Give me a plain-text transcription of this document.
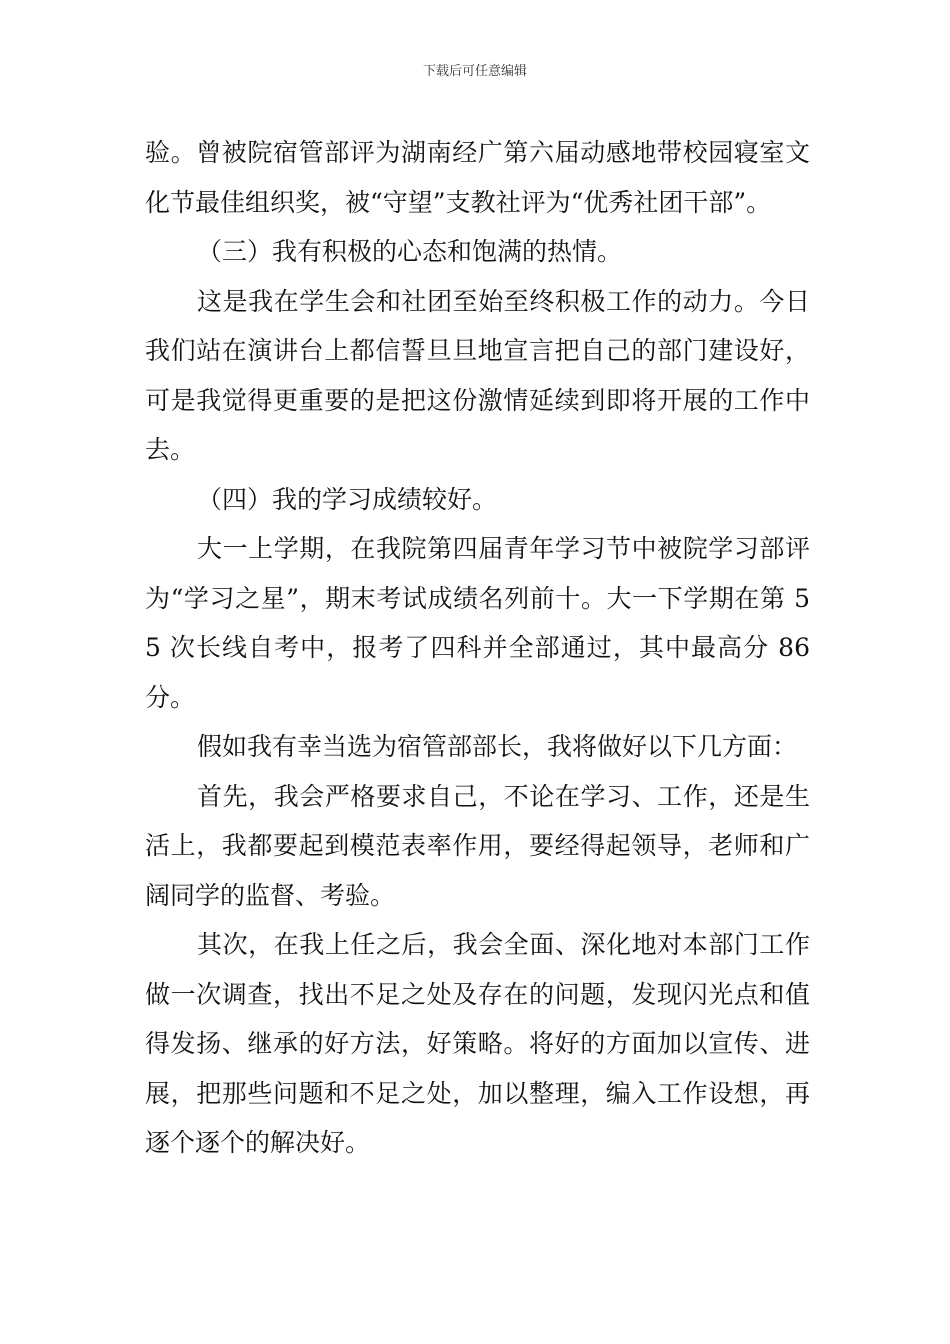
下载后可任意编辑

验。曾被院宿管部评为湖南经广第六届动感地带校园寝室文化节最佳组织奖，被“守望”支教社评为“优秀社团干部”。

（三）我有积极的心态和饱满的热情。

这是我在学生会和社团至始至终积极工作的动力。今日我们站在演讲台上都信誓旦旦地宣言把自己的部门建设好，可是我觉得更重要的是把这份激情延续到即将开展的工作中去。

（四）我的学习成绩较好。

大一上学期，在我院第四届青年学习节中被院学习部评为“学习之星”，期末考试成绩名列前十。大一下学期在第 55 次长线自考中，报考了四科并全部通过，其中最高分 86 分。

假如我有幸当选为宿管部部长，我将做好以下几方面：

首先，我会严格要求自己，不论在学习、工作，还是生活上，我都要起到模范表率作用，要经得起领导，老师和广阔同学的监督、考验。

其次，在我上任之后，我会全面、深化地对本部门工作做一次调查，找出不足之处及存在的问题，发现闪光点和值得发扬、继承的好方法，好策略。将好的方面加以宣传、进展，把那些问题和不足之处，加以整理，编入工作设想，再逐个逐个的解决好。
